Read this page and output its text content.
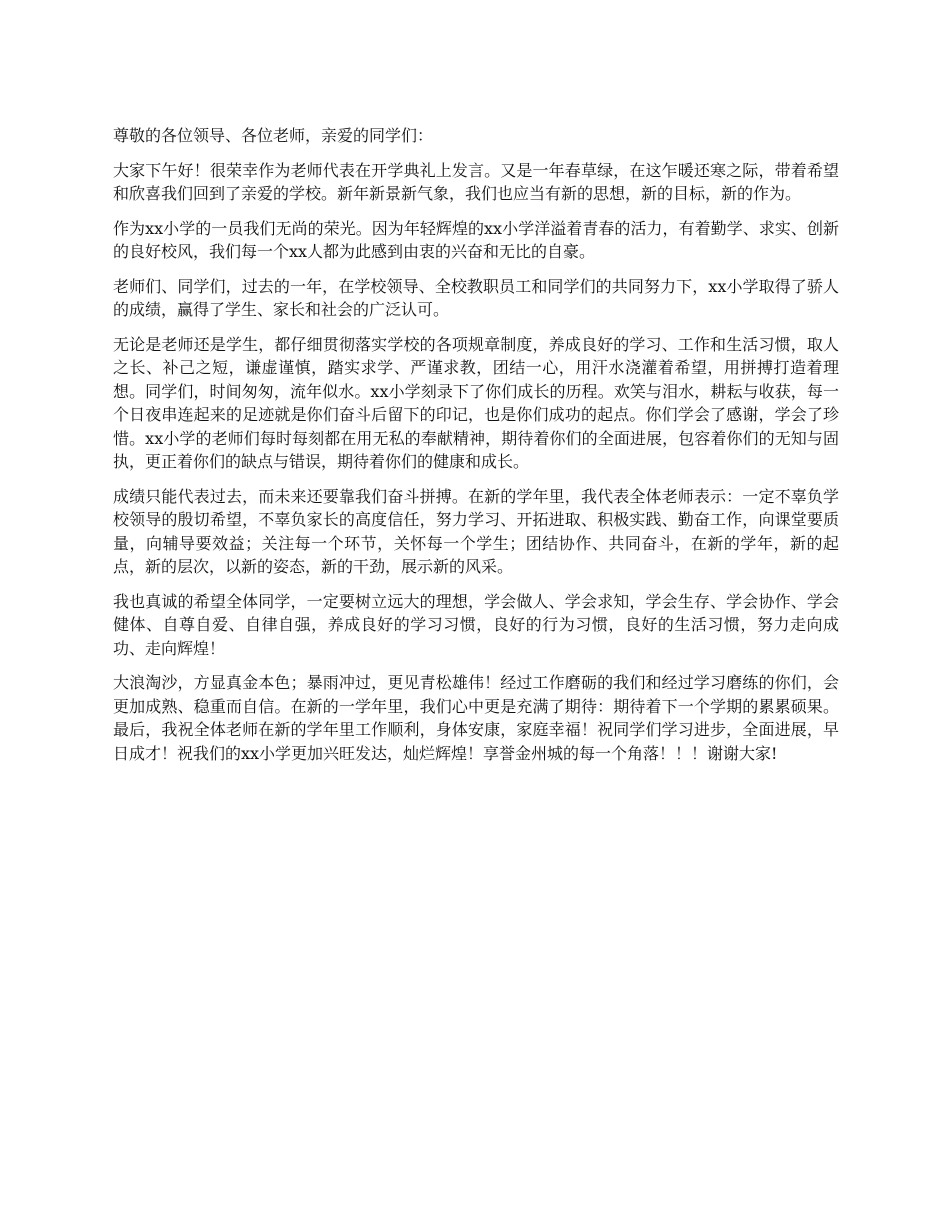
尊敬的各位领导、各位老师，亲爱的同学们：

大家下午好！很荣幸作为老师代表在开学典礼上发言。又是一年春草绿，在这乍暖还寒之际，带着希望和欣喜我们回到了亲爱的学校。新年新景新气象，我们也应当有新的思想，新的目标，新的作为。

作为xx小学的一员我们无尚的荣光。因为年轻辉煌的xx小学洋溢着青春的活力，有着勤学、求实、创新的良好校风，我们每一个xx人都为此感到由衷的兴奋和无比的自豪。

老师们、同学们，过去的一年，在学校领导、全校教职员工和同学们的共同努力下，xx小学取得了骄人的成绩，赢得了学生、家长和社会的广泛认可。

无论是老师还是学生，都仔细贯彻落实学校的各项规章制度，养成良好的学习、工作和生活习惯，取人之长、补己之短，谦虚谨慎，踏实求学、严谨求教，团结一心，用汗水浇灌着希望，用拼搏打造着理想。同学们，时间匆匆，流年似水。xx小学刻录下了你们成长的历程。欢笑与泪水，耕耘与收获，每一个日夜串连起来的足迹就是你们奋斗后留下的印记，也是你们成功的起点。你们学会了感谢，学会了珍惜。xx小学的老师们每时每刻都在用无私的奉献精神，期待着你们的全面进展，包容着你们的无知与固执，更正着你们的缺点与错误，期待着你们的健康和成长。

成绩只能代表过去，而未来还要靠我们奋斗拼搏。在新的学年里，我代表全体老师表示：一定不辜负学校领导的殷切希望，不辜负家长的高度信任，努力学习、开拓进取、积极实践、勤奋工作，向课堂要质量，向辅导要效益；关注每一个环节，关怀每一个学生；团结协作、共同奋斗，在新的学年，新的起点，新的层次，以新的姿态，新的干劲，展示新的风采。

我也真诚的希望全体同学，一定要树立远大的理想，学会做人、学会求知，学会生存、学会协作、学会健体、自尊自爱、自律自强，养成良好的学习习惯，良好的行为习惯，良好的生活习惯，努力走向成功、走向辉煌！

大浪淘沙，方显真金本色；暴雨冲过，更见青松雄伟！经过工作磨砺的我们和经过学习磨练的你们，会更加成熟、稳重而自信。在新的一学年里，我们心中更是充满了期待：期待着下一个学期的累累硕果。最后，我祝全体老师在新的学年里工作顺利，身体安康，家庭幸福！祝同学们学习进步，全面进展，早日成才！祝我们的xx小学更加兴旺发达，灿烂辉煌！享誉金州城的每一个角落！！！谢谢大家!
